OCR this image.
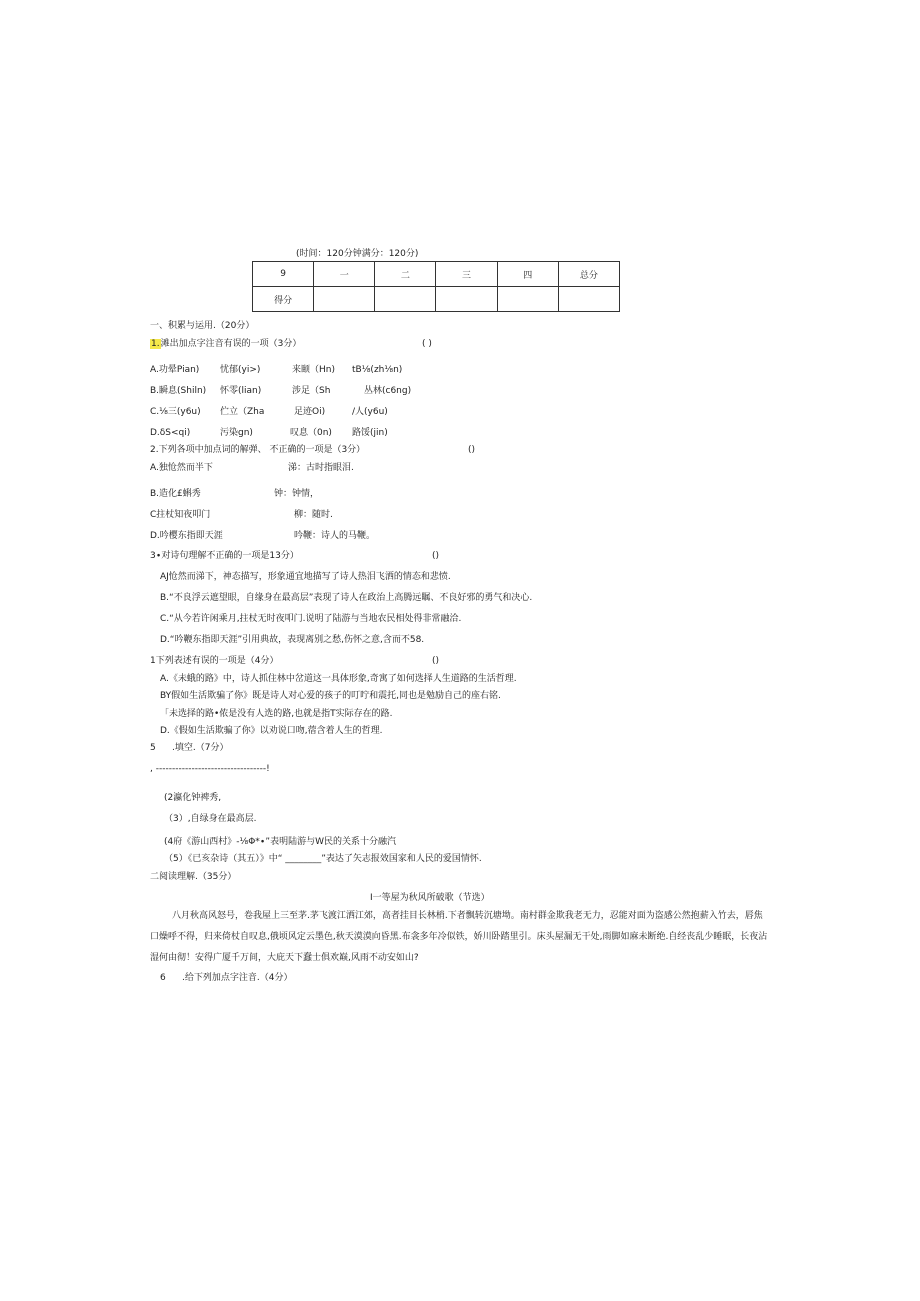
(时间：120分钟满分：120分)
9	一	二	三	四	总分
得分					
一、积累与运用.（20分）
1.滩出加点字注音有误的一项（3分）	( )
A.功晕Pian) 忧郁(yi>)	来颐（Hn) tB⅛(zh⅛n)
B.瞬息(Shiln) 怀零(lian)	涉足（Sh	丛林(c6ng)
C.⅛三(y6u) 伫立（Zha	足迹Oi)	/人(y6u)
D.δS<qi)	污染gn)	叹息（0n) 路馁(jin)
2.下列各项中加点词的解弹、 不正确的一项是（3分）	()
A.独怆然而半下	涕：古时指眼泪.
B.造化£蝌秀	钟：钟情，
C拄杖知夜叩门	柳：随时.
D.吟樱东指即天涯	吟鞭：诗人的马鞭。
3∙对诗句理解不正确的一项是13分）	()
AJ怆然而涕下，神态描写，形象通宜地描写了诗人热泪飞洒的情态和悲愤.
B.“不良浮云遮望眼，自缘身在最高层”表现了诗人在政治上高腾远瞩、不良好邪的勇气和决心.
C.“从今若许闲乘月,拄杖无时夜叩门.说明了陆游与当地农民相处得非常融洽.
D.“吟鞭东指即天涯”引用典故，表现离别之愁,伤怀之意,含而不58.
1下列表述有误的一项是（4分）	()
A.《未蛾的路》中，诗人抓住林中岔道这一具体形象,奇寓了如何选择人生道路的生活哲理.
BY假如生活欺骗了你》既是诗人对心爱的孩子的叮咛和震托,同也是勉励自己的座右铭.
「未选择的路•侬是没有人选的路,也就是指T实际存在的路.
D.《假如生活欺骗了你》以劝说口吻,蓿含着人生的哲理.
5 .填空.（7分）
, ----------------------------------!
(2瀛化钟裨秀,
（3）,自绿身在最高层.
(4府《游山西村》-⅛Φ*∙”表明陆游与W民的关系十分融汽
（5）《已亥杂诗（其五）》中“ ________”表达了矢志报效国家和人民的爱国情怀.
二阅读理解.（35分）
I一等屋为秋风所破歌（节选）
八月秋高风怒号，卷我屋上三至茅.茅飞渡江洒江郊，高者挂目长林梢.下者飘转沉塘坳。南村群金欺我老无力，忍能对面为盗感公然抱薪入竹去，唇焦口燥呼不得，归来倚杖自叹息,俄顷风定云墨色,秋天漠漠向昏黑.布衾多年冷似铁，娇川卧踏里引。床头屋漏无干处,雨脚如麻未断绝.自经丧乱少睡眠，长夜沾湿何由彻！安得广厦千万间，大庇天下蠢士俱欢巅,风雨不动安如山?
6 .给下列加点字注音.（4分）
